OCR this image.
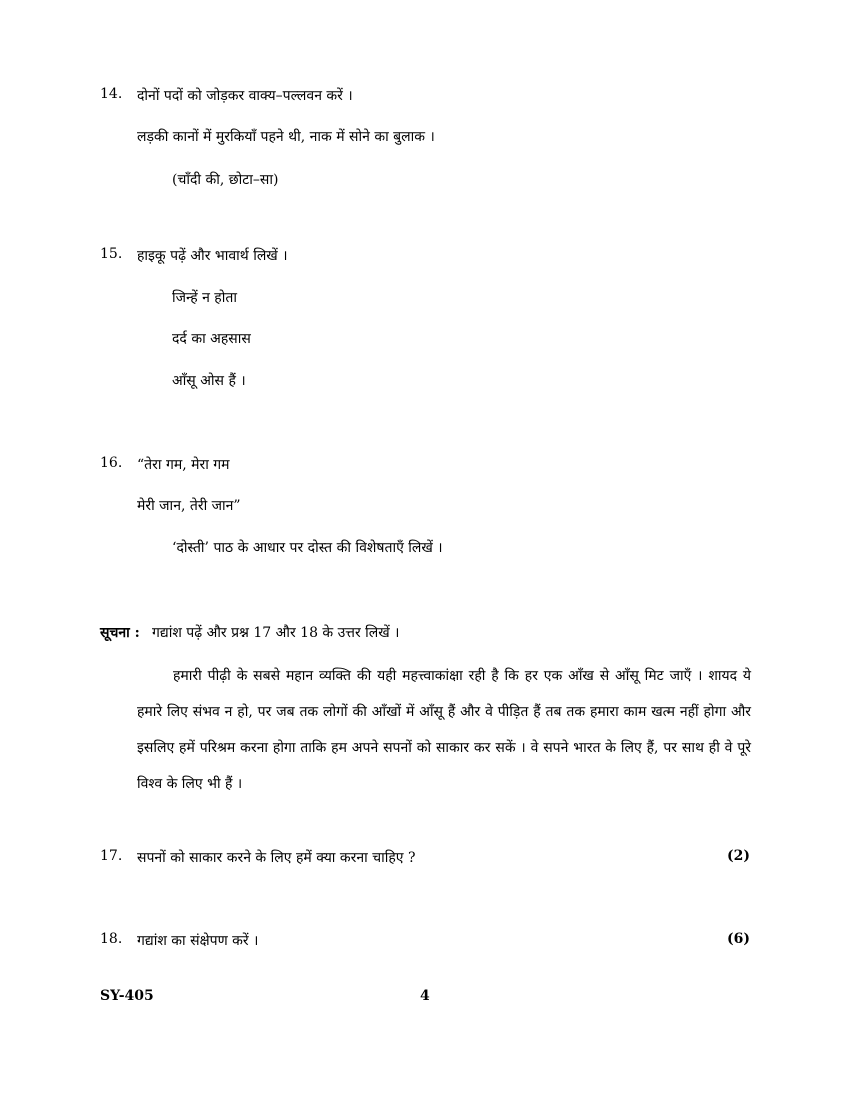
14.	दोनों पदों को जोड़कर वाक्य–पल्लवन करें ।
लड़की कानों में मुरकियाँ पहने थी, नाक में सोने का बुलाक ।
(चाँदी की, छोटा–सा)
15.	हाइकू पढ़ें और भावार्थ लिखें ।
जिन्हें न होता
दर्द का अहसास
आँसू ओस हैं ।
16.	“तेरा गम, मेरा गम
मेरी जान, तेरी जान”
‘दोस्ती’ पाठ के आधार पर दोस्त की विशेषताएँ लिखें ।
सूचना : गद्यांश पढ़ें और प्रश्न 17 और 18 के उत्तर लिखें ।
हमारी पीढ़ी के सबसे महान व्यक्ति की यही महत्त्वाकांक्षा रही है कि हर एक आँख से आँसू मिट जाएँ । शायद ये हमारे लिए संभव न हो, पर जब तक लोगों की आँखों में आँसू हैं और वे पीड़ित हैं तब तक हमारा काम खत्म नहीं होगा और इसलिए हमें परिश्रम करना होगा ताकि हम अपने सपनों को साकार कर सकें । वे सपने भारत के लिए हैं, पर साथ ही वे पूरे विश्व के लिए भी हैं ।
17.	सपनों को साकार करने के लिए हमें क्या करना चाहिए ?	(2)
18.	गद्यांश का संक्षेपण करें ।	(6)
SY-405	4
